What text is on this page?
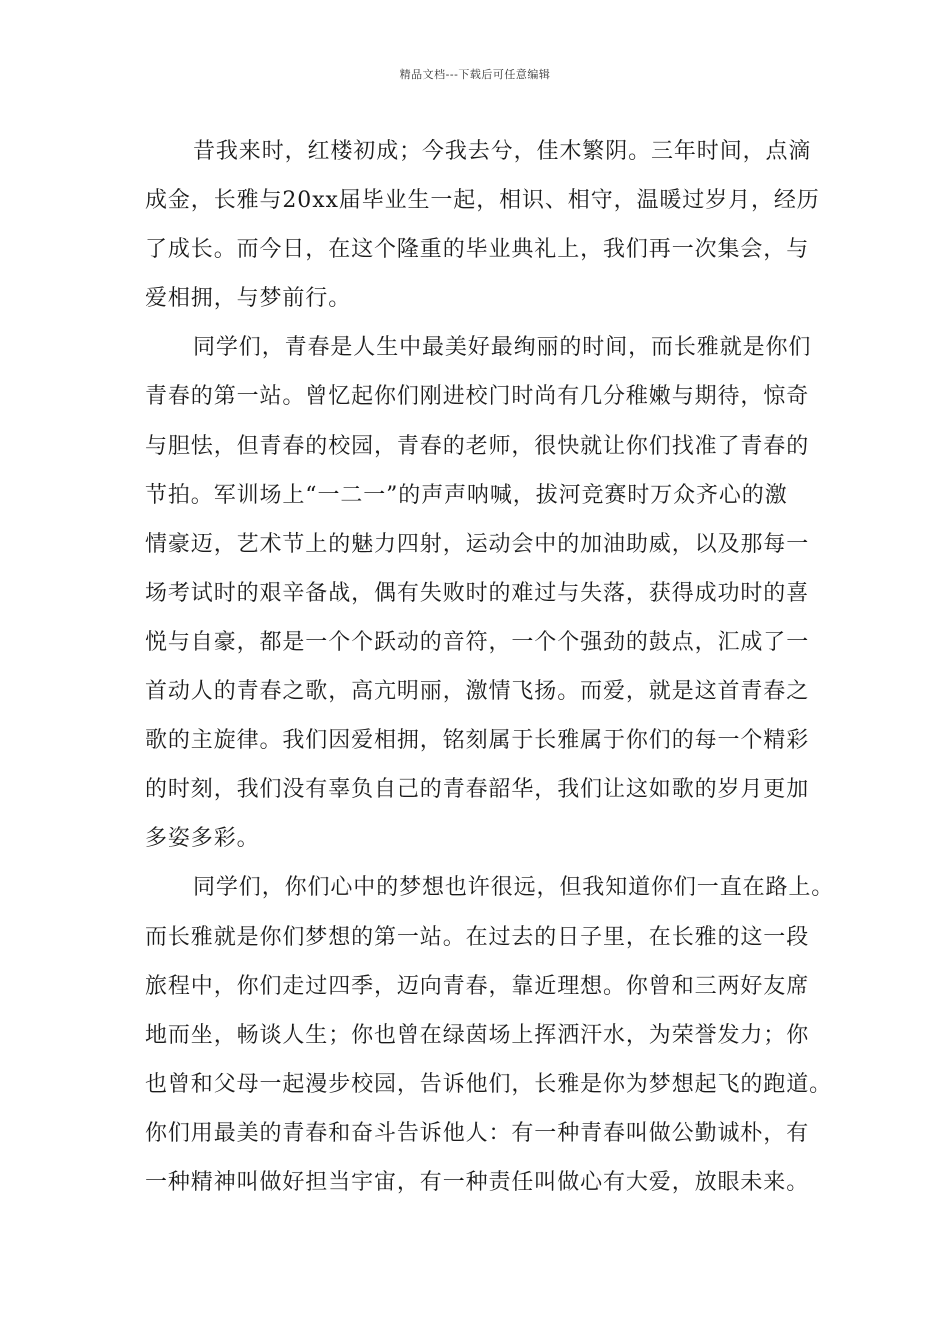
精品文档---下载后可任意编辑
昔我来时，红楼初成；今我去兮，佳木繁阴。三年时间，点滴
成金，长雅与20xx届毕业生一起，相识、相守，温暖过岁月，经历
了成长。而今日，在这个隆重的毕业典礼上，我们再一次集会，与
爱相拥，与梦前行。
同学们，青春是人生中最美好最绚丽的时间，而长雅就是你们
青春的第一站。曾忆起你们刚进校门时尚有几分稚嫩与期待，惊奇
与胆怯，但青春的校园，青春的老师，很快就让你们找准了青春的
节拍。军训场上“一二一”的声声呐喊，拔河竞赛时万众齐心的激
情豪迈，艺术节上的魅力四射，运动会中的加油助威，以及那每一
场考试时的艰辛备战，偶有失败时的难过与失落，获得成功时的喜
悦与自豪，都是一个个跃动的音符，一个个强劲的鼓点，汇成了一
首动人的青春之歌，高亢明丽，激情飞扬。而爱，就是这首青春之
歌的主旋律。我们因爱相拥，铭刻属于长雅属于你们的每一个精彩
的时刻，我们没有辜负自己的青春韶华，我们让这如歌的岁月更加
多姿多彩。
同学们，你们心中的梦想也许很远，但我知道你们一直在路上。
而长雅就是你们梦想的第一站。在过去的日子里，在长雅的这一段
旅程中，你们走过四季，迈向青春，靠近理想。你曾和三两好友席
地而坐，畅谈人生；你也曾在绿茵场上挥洒汗水，为荣誉发力；你
也曾和父母一起漫步校园，告诉他们，长雅是你为梦想起飞的跑道。
你们用最美的青春和奋斗告诉他人：有一种青春叫做公勤诚朴，有
一种精神叫做好担当宇宙，有一种责任叫做心有大爱，放眼未来。
